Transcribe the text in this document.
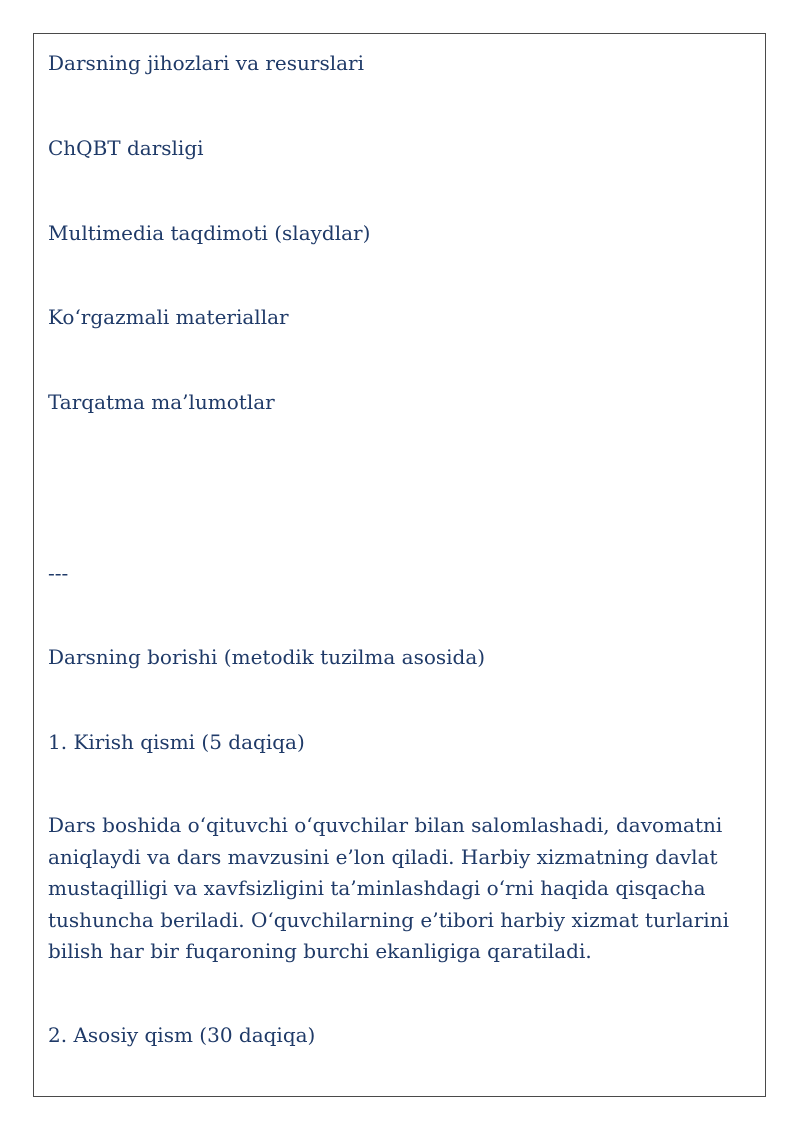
Darsning jihozlari va resurslari

ChQBT darsligi

Multimedia taqdimoti (slaydlar)

Ko‘rgazmali materiallar

Tarqatma ma’lumotlar

---

Darsning borishi (metodik tuzilma asosida)

1. Kirish qismi (5 daqiqa)

Dars boshida o‘qituvchi o‘quvchilar bilan salomlashadi, davomatni
aniqlaydi va dars mavzusini e’lon qiladi. Harbiy xizmatning davlat
mustaqilligi va xavfsizligini ta’minlashdagi o‘rni haqida qisqacha
tushuncha beriladi. O‘quvchilarning e’tibori harbiy xizmat turlarini
bilish har bir fuqaroning burchi ekanligiga qaratiladi.

2. Asosiy qism (30 daqiqa)
